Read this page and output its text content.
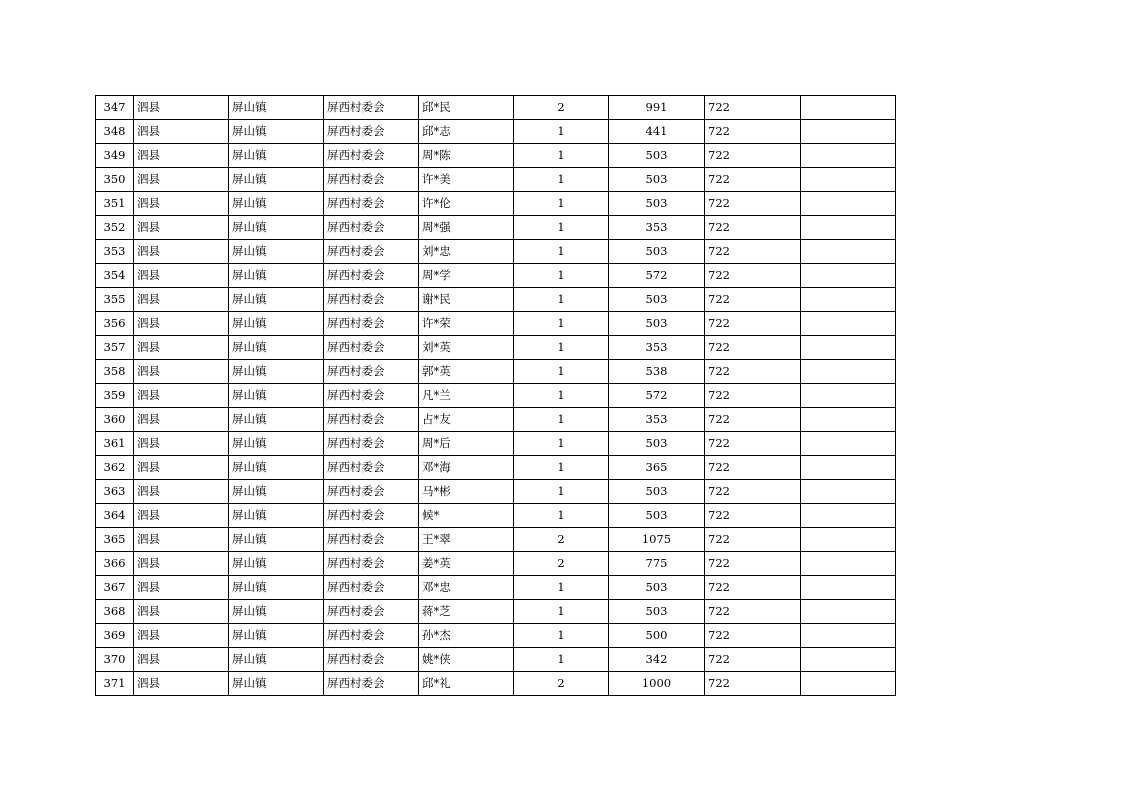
347	泗县	屏山镇	屏西村委会	邱*民	2	991	722	
348	泗县	屏山镇	屏西村委会	邱*志	1	441	722	
349	泗县	屏山镇	屏西村委会	周*陈	1	503	722	
350	泗县	屏山镇	屏西村委会	许*美	1	503	722	
351	泗县	屏山镇	屏西村委会	许*伦	1	503	722	
352	泗县	屏山镇	屏西村委会	周*强	1	353	722	
353	泗县	屏山镇	屏西村委会	刘*忠	1	503	722	
354	泗县	屏山镇	屏西村委会	周*学	1	572	722	
355	泗县	屏山镇	屏西村委会	谢*民	1	503	722	
356	泗县	屏山镇	屏西村委会	许*荣	1	503	722	
357	泗县	屏山镇	屏西村委会	刘*英	1	353	722	
358	泗县	屏山镇	屏西村委会	郭*英	1	538	722	
359	泗县	屏山镇	屏西村委会	凡*兰	1	572	722	
360	泗县	屏山镇	屏西村委会	占*友	1	353	722	
361	泗县	屏山镇	屏西村委会	周*后	1	503	722	
362	泗县	屏山镇	屏西村委会	邓*海	1	365	722	
363	泗县	屏山镇	屏西村委会	马*彬	1	503	722	
364	泗县	屏山镇	屏西村委会	候*	1	503	722	
365	泗县	屏山镇	屏西村委会	王*翠	2	1075	722	
366	泗县	屏山镇	屏西村委会	姜*英	2	775	722	
367	泗县	屏山镇	屏西村委会	邓*忠	1	503	722	
368	泗县	屏山镇	屏西村委会	蒋*芝	1	503	722	
369	泗县	屏山镇	屏西村委会	孙*杰	1	500	722	
370	泗县	屏山镇	屏西村委会	姚*侠	1	342	722	
371	泗县	屏山镇	屏西村委会	邱*礼	2	1000	722	
